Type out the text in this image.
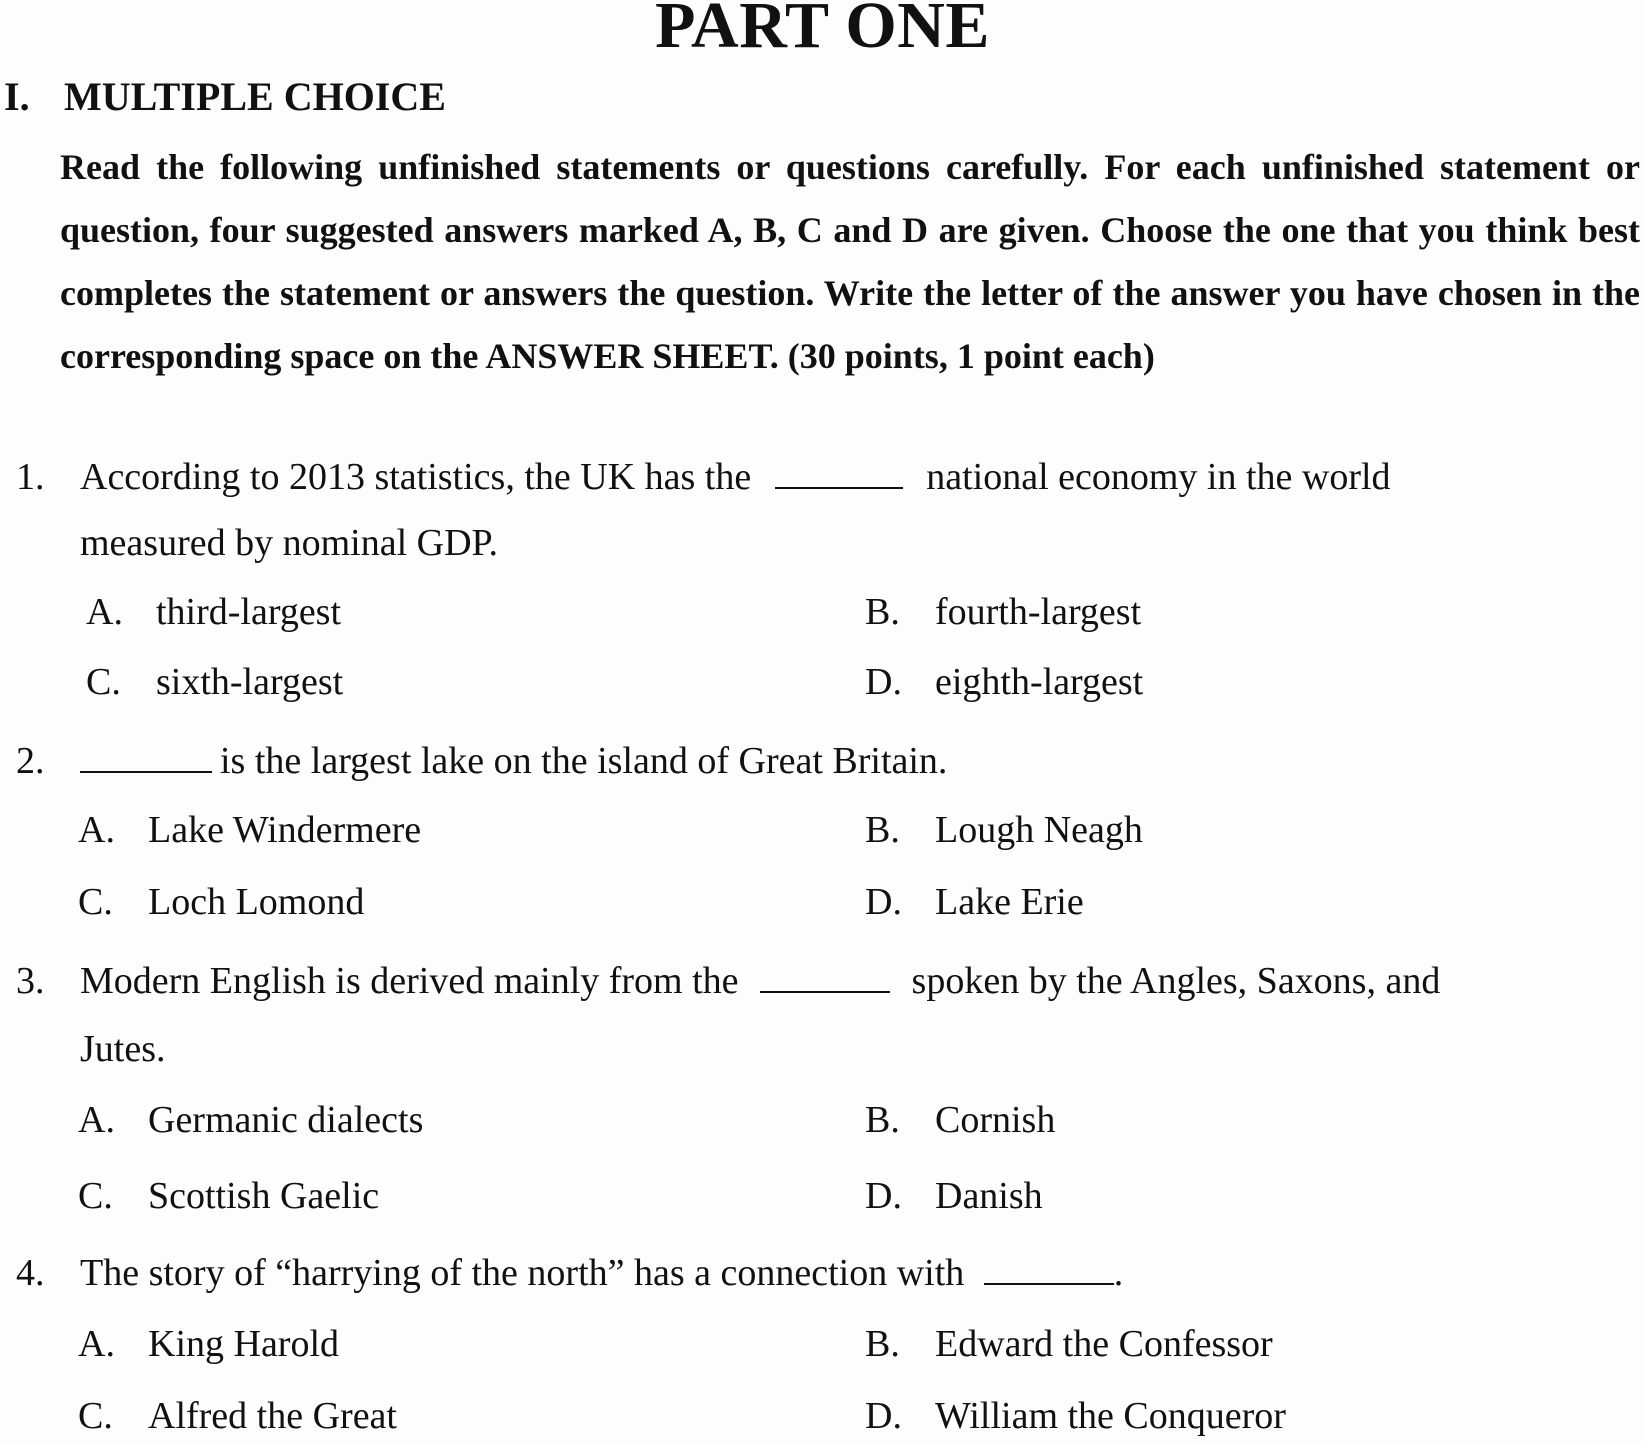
PART ONE
I. MULTIPLE CHOICE
Read the following unfinished statements or questions carefully. For each unfinished statement or question, four suggested answers marked A, B, C and D are given. Choose the one that you think best completes the statement or answers the question. Write the letter of the answer you have chosen in the corresponding space on the ANSWER SHEET. (30 points, 1 point each)
1. According to 2013 statistics, the UK has the	national economy in the world
measured by nominal GDP.
A. third-largest	B. fourth-largest
C. sixth-largest	D. eighth-largest
2.	is the largest lake on the island of Great Britain.
A. Lake Windermere	B. Lough Neagh
C. Loch Lomond	D. Lake Erie
3. Modern English is derived mainly from the	spoken by the Angles, Saxons, and
Jutes.
A. Germanic dialects	B. Cornish
C. Scottish Gaelic	D. Danish
4. The story of “harrying of the north” has a connection with	.
A. King Harold	B. Edward the Confessor
C. Alfred the Great	D. William the Conqueror
